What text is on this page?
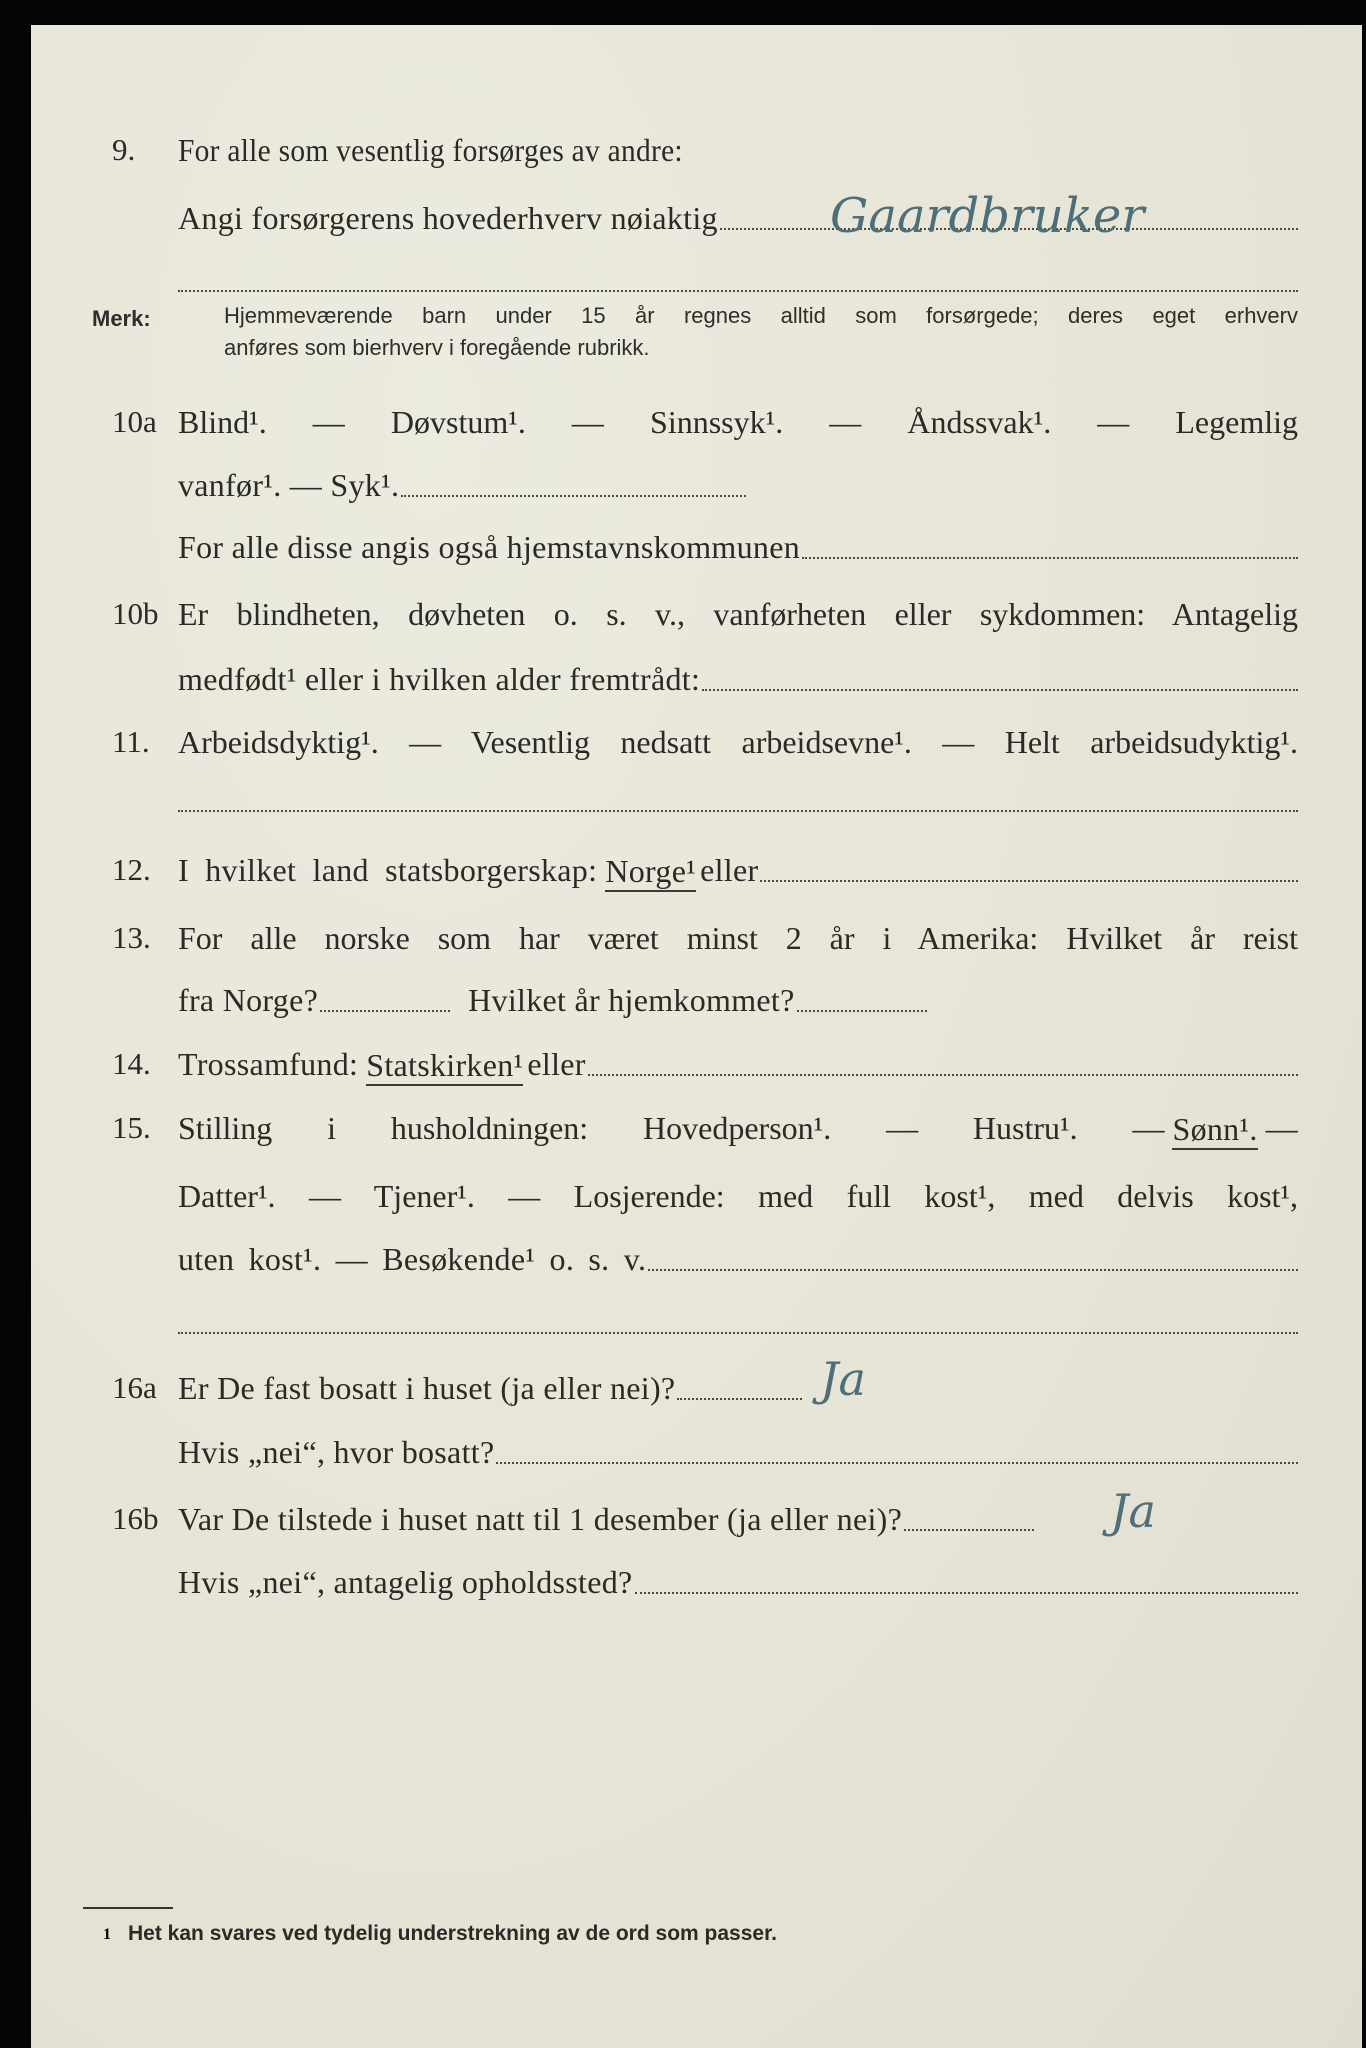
9. For alle som vesentlig forsørges av andre:
Angi forsørgerens hovederhverv nøiaktig Gaardbruker
Merk:	Hjemmeværende barn under 15 år regnes alltid som forsørgede; deres eget erhverv
anføres som bierhverv i foregående rubrikk.
10a Blind¹. — Døvstum¹. — Sinnssyk¹. — Åndssvak¹. — Legemlig
vanfør¹. — Syk¹.
For alle disse angis også hjemstavnskommunen
10b Er blindheten, døvheten o. s. v., vanførheten eller sykdommen: Antagelig
medfødt¹ eller i hvilken alder fremtrådt:
11. Arbeidsdyktig¹. — Vesentlig nedsatt arbeidsevne¹. — Helt arbeidsudyktig¹.
12. I hvilket land statsborgerskap:
Norge¹
eller
13. For alle norske som har været minst 2 år i Amerika: Hvilket år reist
fra Norge?	Hvilket år hjemkommet?
14. Trossamfund:
Statskirken¹
eller
15. Stilling i husholdningen: Hovedperson¹. — Hustru¹. —
Sønn¹.
—
Datter¹. — Tjener¹. — Losjerende: med full kost¹, med delvis kost¹,
uten kost¹. — Besøkende¹ o. s. v.
16a Er De fast bosatt i huset (ja eller nei)?	Ja
Hvis „nei“, hvor bosatt?
16b Var De tilstede i huset natt til 1 desember (ja eller nei)?	Ja
Hvis „nei“, antagelig opholdssted?
1 Het kan svares ved tydelig understrekning av de ord som passer.
